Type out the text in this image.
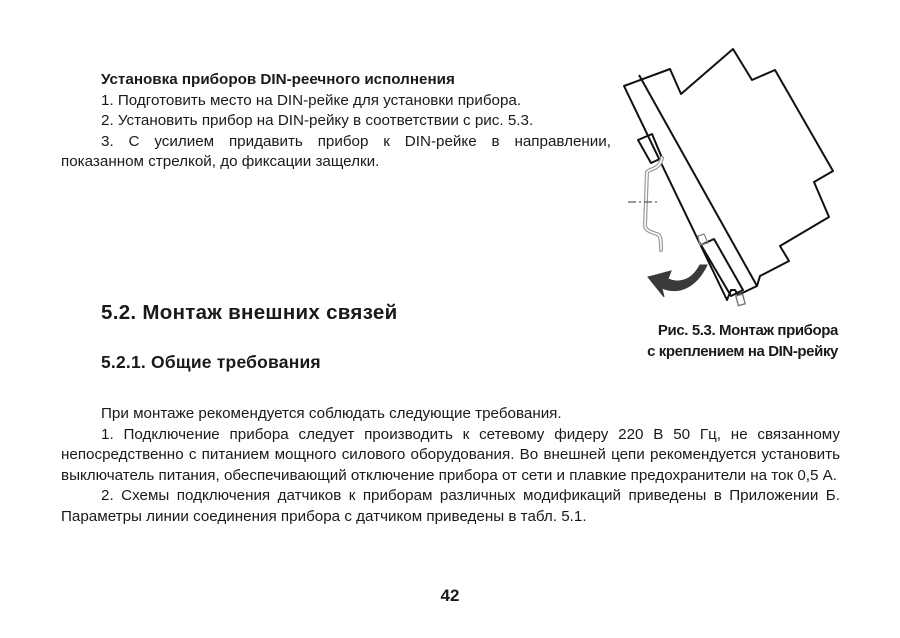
Установка приборов DIN-реечного исполнения

1. Подготовить место на DIN-рейке для установки прибора.

2. Установить прибор на DIN-рейку в соответствии с рис. 5.3.

3. С усилием придавить прибор к DIN-рейке в направлении, показанном стрелкой, до фиксации защелки.

Рис. 5.3. Монтаж прибора
с креплением на DIN-рейку
5.2. Монтаж внешних связей
5.2.1. Общие требования

При монтаже рекомендуется соблюдать следующие требования.

1. Подключение прибора следует производить к сетевому фидеру 220 В 50 Гц, не связанному непосредственно с питанием мощного силового оборудования. Во внешней цепи рекомендуется установить выключатель питания, обеспечивающий отключение прибора от сети и плавкие предохранители на ток 0,5 А.

2. Схемы подключения датчиков к приборам различных модификаций приведены в Приложении Б. Параметры линии соединения прибора с датчиком приведены в табл. 5.1.

42
